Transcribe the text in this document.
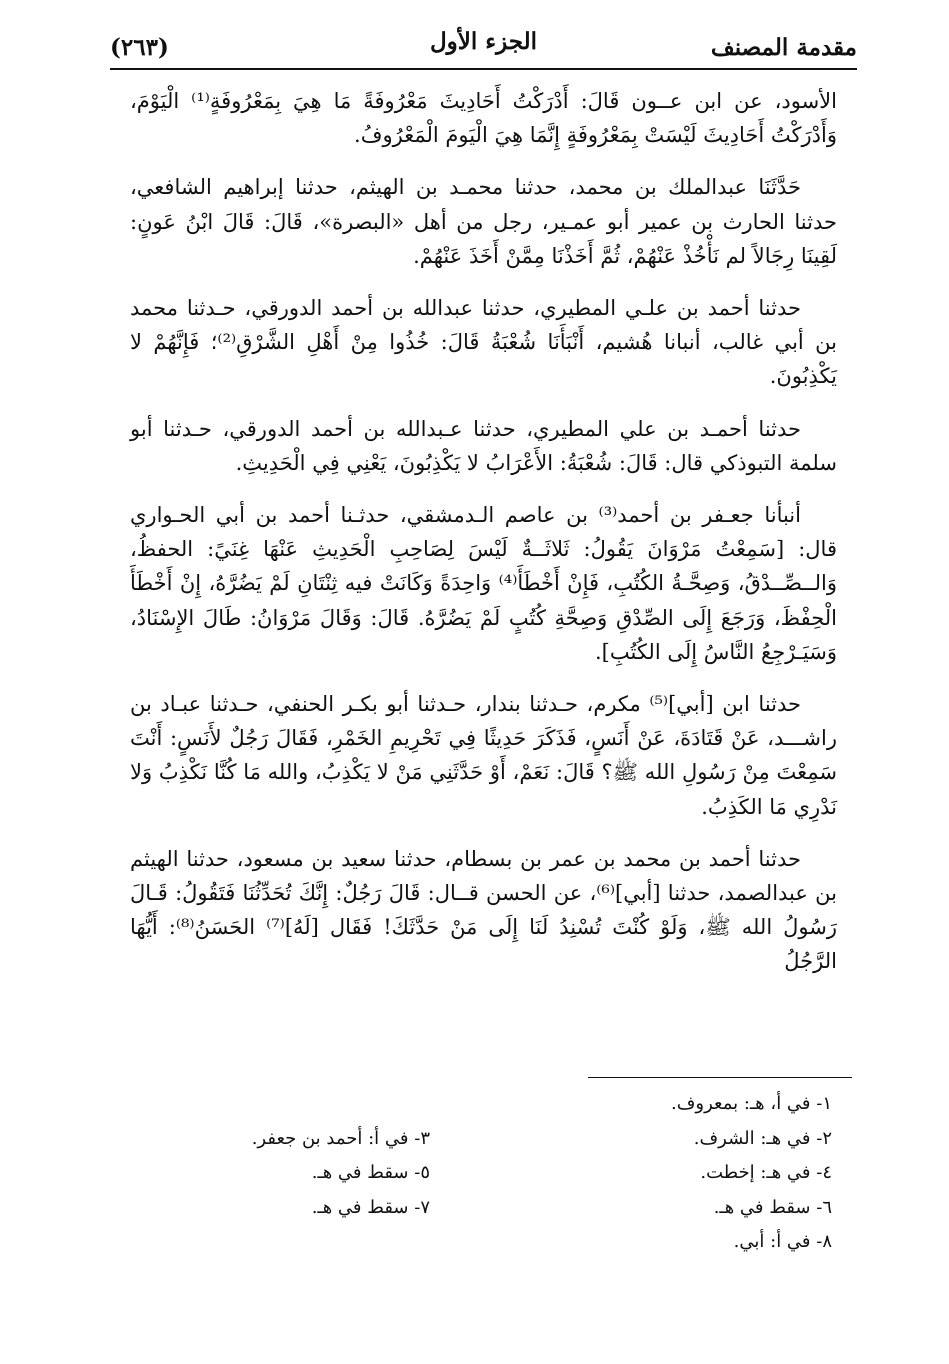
مقدمة المصنف
الجزء الأول
(٢٦٣)

الأسود، عن ابن عــون قَالَ: أَدْرَكْتُ أَحَادِيثَ مَعْرُوفَةً مَا هِيَ بِمَعْرُوفَةٍ⁽¹⁾ الْيَوْمَ، وَأَدْرَكْتُ أَحَادِيثَ لَيْسَتْ بِمَعْرُوفَةٍ إِنَّمَا هِيَ الْيَومَ الْمَعْرُوفُ.

حَدَّثَنَا عبدالملك بن محمد، حدثنا محمـد بن الهيثم، حدثنا إبراهيم الشافعي، حدثنا الحارث بن عمير أبو عمـير، رجل من أهل «البصرة»، قَالَ: قَالَ ابْنُ عَونٍ: لَقِينَا رِجَالاً لم نَأْخُذْ عَنْهُمْ، ثُمَّ أَخَذْنَا مِمَّنْ أَخَذَ عَنْهُمْ.

حدثنا أحمد بن علـي المطيري، حدثنا عبدالله بن أحمد الدورقي، حـدثنا محمد بن أبي غالب، أنبانا هُشيم، أَنْبَأَنَا شُعْبَةُ قَالَ: خُذُوا مِنْ أَهْلِ الشَّرْقِ⁽²⁾؛ فَإِنَّهُمْ لا يَكْذِبُونَ.

حدثنا أحمـد بن علي المطيري، حدثنا عـبدالله بن أحمد الدورقي، حـدثنا أبو سلمة التبوذكي قال: قَالَ: شُعْبَةُ: الأَعْرَابُ لا يَكْذِبُونَ، يَعْنِي فِي الْحَدِيثِ.

أنبأنا جعـفر بن أحمد⁽³⁾ بن عاصم الـدمشقي، حدثـنا أحمد بن أبي الحـواري قال: [سَمِعْتُ مَرْوَانَ يَقُولُ: ثَلاثَــةٌ لَيْسَ لِصَاحِبِ الْحَدِيثِ عَنْهَا غِنَيً: الحفظُ، وَالــصِّــدْقُ، وَصِحَّـةُ الكُتُبِ، فَإِنْ أَخْطَأَ⁽⁴⁾ وَاحِدَةً وَكَانَتْ فيه ثِنْتَانِ لَمْ يَضُرَّهُ، إِنْ أَخْطَأَ الْحِفْظَ، وَرَجَعَ إِلَى الصِّدْقِ وَصِحَّةِ كُتُبٍ لَمْ يَضُرَّهُ. قَالَ: وَقَالَ مَرْوَانُ: طَالَ الإِسْنَادُ، وَسَيَـرْجِعُ النَّاسُ إِلَى الكُتُبِ].

حدثنا ابن [أبي]⁽⁵⁾ مكرم، حـدثنا بندار، حـدثنا أبو بكـر الحنفي، حـدثنا عبـاد بن راشـــد، عَنْ قَتَادَةَ، عَنْ أَنَسٍ، فَذَكَرَ حَدِيثًا فِي تَحْرِيمِ الخَمْرِ، فَقَالَ رَجُلٌ لأَنَسٍ: أَنْتَ سَمِعْتَ مِنْ رَسُولِ الله ﷺ؟ قَالَ: نَعَمْ، أَوْ حَدَّثَنِي مَنْ لا يَكْذِبُ، والله مَا كُنَّا نَكْذِبُ وَلا نَدْرِي مَا الكَذِبُ.

حدثنا أحمد بن محمد بن عمر بن بسطام، حدثنا سعيد بن مسعود، حدثنا الهيثم بن عبدالصمد، حدثنا [أبي]⁽⁶⁾، عن الحسن قــال: قَالَ رَجُلٌ: إِنَّكَ تُحَدِّثُنَا فَتَقُولُ: قَـالَ رَسُولُ الله ﷺ، وَلَوْ كُنْتَ تُسْنِدُ لَنَا إِلَى مَنْ حَدَّثَكَ! فَقَال [لَهُ]⁽⁷⁾ الحَسَنُ⁽⁸⁾: أَيُّهَا الرَّجُلُ

١- في أ، هـ: بمعروف.
٢- في هـ: الشرف.
٣- في أ: أحمد بن جعفر.
٤- في هـ: إخطت.
٥- سقط في هـ.
٦- سقط في هـ.
٧- سقط في هـ.
٨- في أ: أبي.
